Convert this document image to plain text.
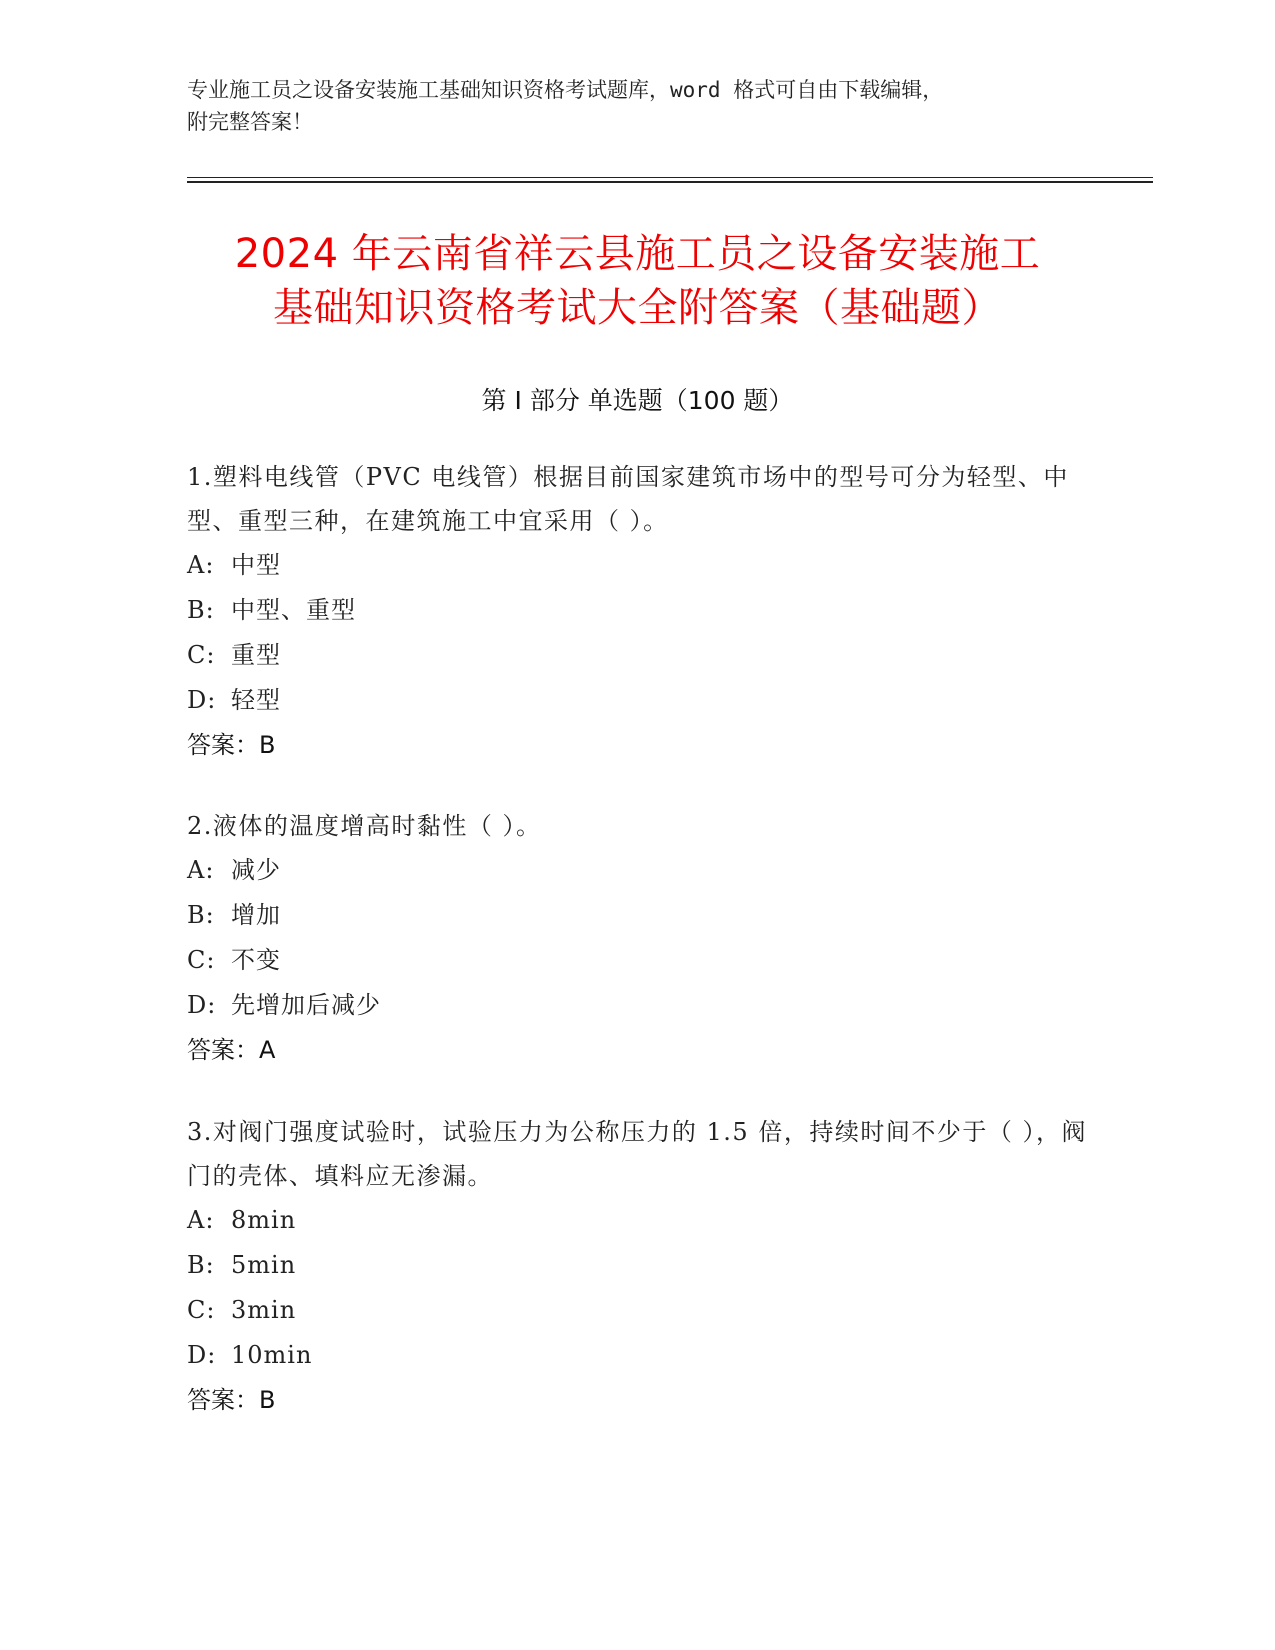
专业施工员之设备安装施工基础知识资格考试题库，word 格式可自由下载编辑，
附完整答案！
2024 年云南省祥云县施工员之设备安装施工
基础知识资格考试大全附答案（基础题）
第 I 部分 单选题（100 题）
1.塑料电线管（PVC 电线管）根据目前国家建筑市场中的型号可分为轻型、中型、重型三种，在建筑施工中宜采用（ ）。
A: 中型
B: 中型、重型
C: 重型
D: 轻型
答案：B
2.液体的温度增高时黏性（ ）。
A: 减少
B: 增加
C: 不变
D: 先增加后减少
答案：A
3.对阀门强度试验时，试验压力为公称压力的 1.5 倍，持续时间不少于（ ），阀门的壳体、填料应无渗漏。
A: 8min
B: 5min
C: 3min
D: 10min
答案：B
